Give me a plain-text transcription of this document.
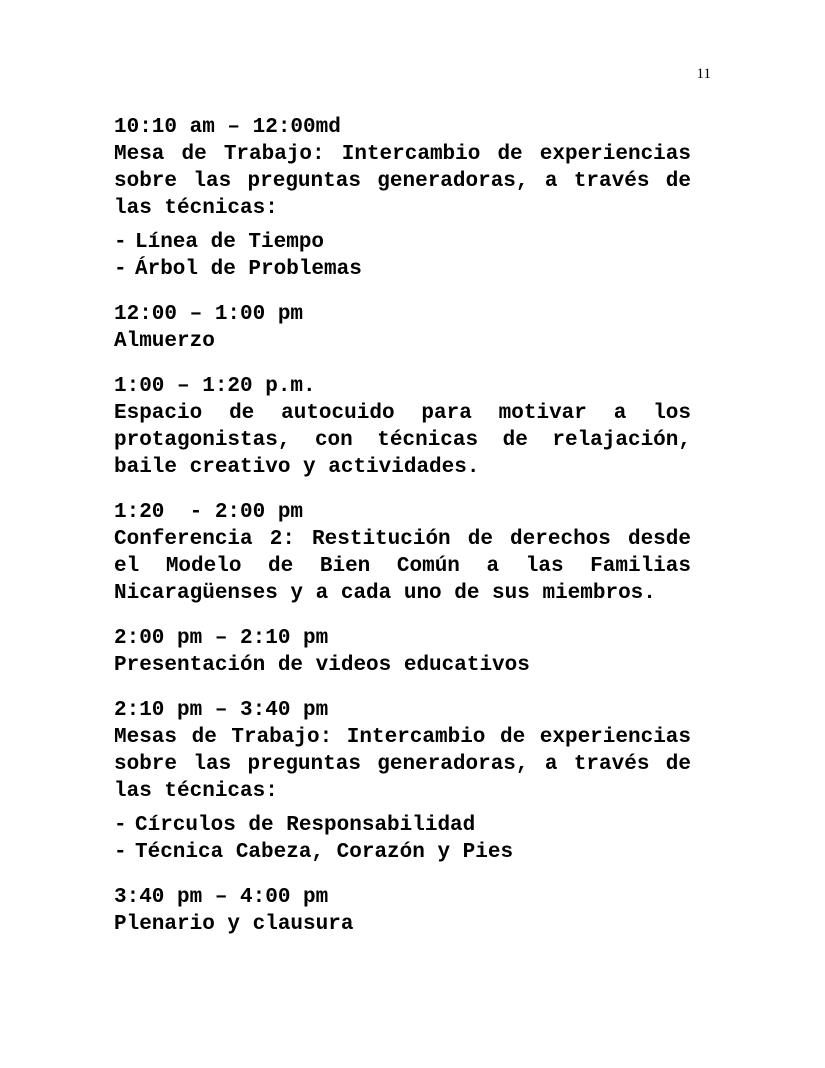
11
10:10 am – 12:00md
Mesa de Trabajo: Intercambio de experiencias sobre las preguntas generadoras, a través de las técnicas:
- Línea de Tiempo
- Árbol de Problemas
12:00 – 1:00 pm
Almuerzo
1:00 – 1:20 p.m.
Espacio de autocuido para motivar a los protagonistas, con técnicas de relajación, baile creativo y actividades.
1:20  - 2:00 pm
Conferencia 2: Restitución de derechos desde el Modelo de Bien Común a las Familias Nicaragüenses y a cada uno de sus miembros.
2:00 pm – 2:10 pm
Presentación de videos educativos
2:10 pm – 3:40 pm
Mesas de Trabajo: Intercambio de experiencias sobre las preguntas generadoras, a través de las técnicas:
- Círculos de Responsabilidad
- Técnica Cabeza, Corazón y Pies
3:40 pm – 4:00 pm
Plenario y clausura
